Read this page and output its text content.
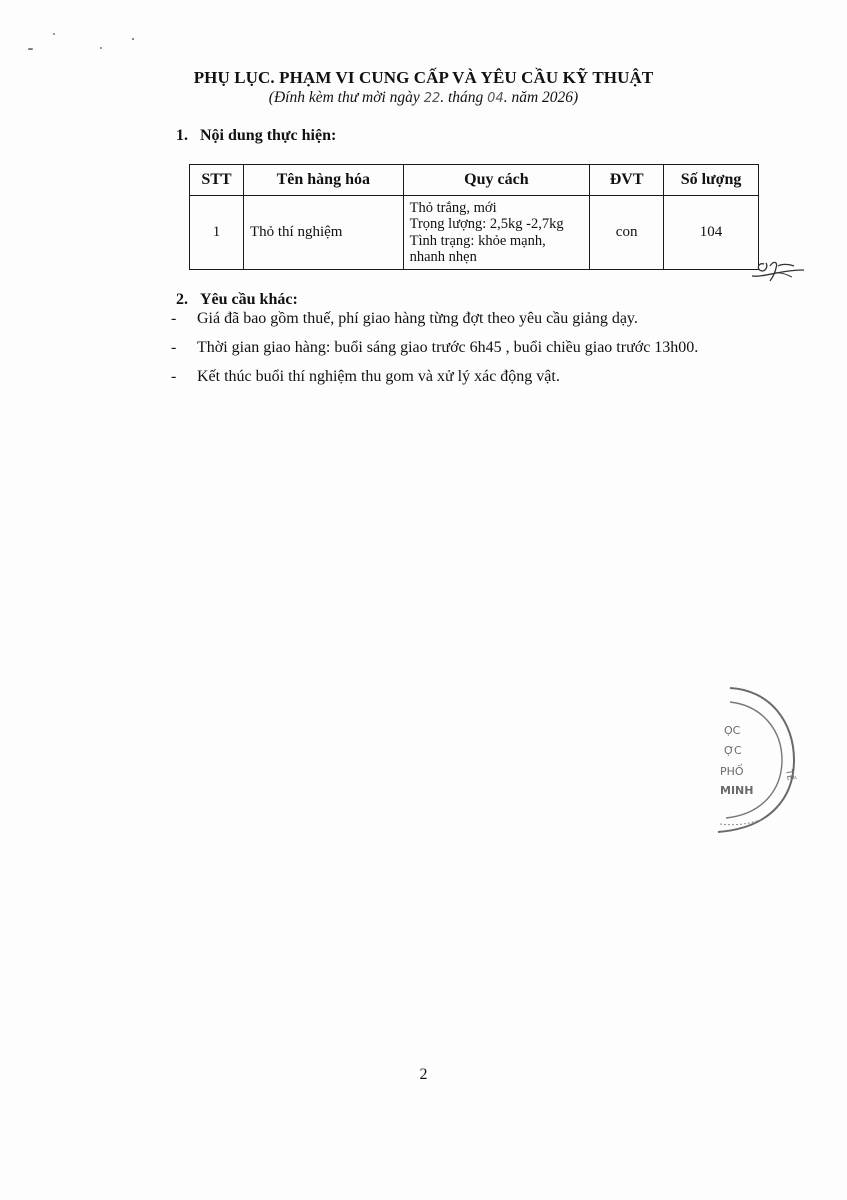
PHỤ LỤC. PHẠM VI CUNG CẤP VÀ YÊU CẦU KỸ THUẬT
(Đính kèm thư mời ngày 22. tháng 04. năm 2026)
1. Nội dung thực hiện:
STT	Tên hàng hóa	Quy cách	ĐVT	Số lượng
1	Thỏ thí nghiệm	Thỏ trắng, mới
Trọng lượng: 2,5kg -2,7kg
Tình trạng: khỏe mạnh,
nhanh nhẹn	con	104
2. Yêu cầu khác:
- Giá đã bao gồm thuế, phí giao hàng từng đợt theo yêu cầu giảng dạy.
- Thời gian giao hàng: buổi sáng giao trước 6h45 , buổi chiều giao trước 13h00.
- Kết thúc buổi thí nghiệm thu gom và xử lý xác động vật.
ỌC
ỢC
PHỐ
MINH
TẾ
2
